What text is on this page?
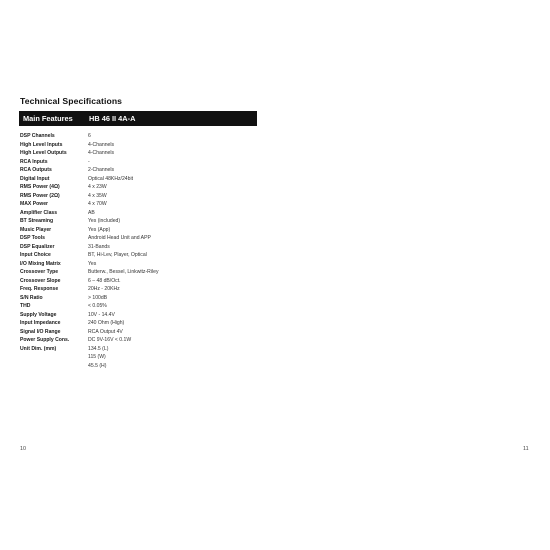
Technical Specifications
Main Features HB 46 II 4A-A
DSP Channels	6
High Level Inputs	4-Channels
High Level Outputs	4-Channels
RCA Inputs	-
RCA Outputs	2-Channels
Digital Input	Optical 48KHz/24bit
RMS Power (4Ω)	4 x 23W
RMS Power (2Ω)	4 x 35W
MAX Power	4 x 70W
Amplifier Class	AB
BT Streaming	Yes (included)
Music Player	Yes (App)
DSP Tools	Android Head Unit and APP
DSP Equalizer	31-Bands
Input Choice	BT, Hi-Lev, Player, Optical
I/O Mixing Matrix	Yes
Crossover Type	Butterw., Bessel, Linkwitz-Riley
Crossover Slope	6 – 48 dB/Oct.
Freq. Response	20Hz - 20KHz
S/N Ratio	> 100dB
THD	< 0.05%
Supply Voltage	10V - 14.4V
Input Impedance	240 Ohm (High)
Signal I/O Range	RCA Output 4V
Power Supply Cons.	DC 9V-16V < 0.1W
Unit Dim. (mm)	134.5 (L)
115 (W)
45.5 (H)
10	11
